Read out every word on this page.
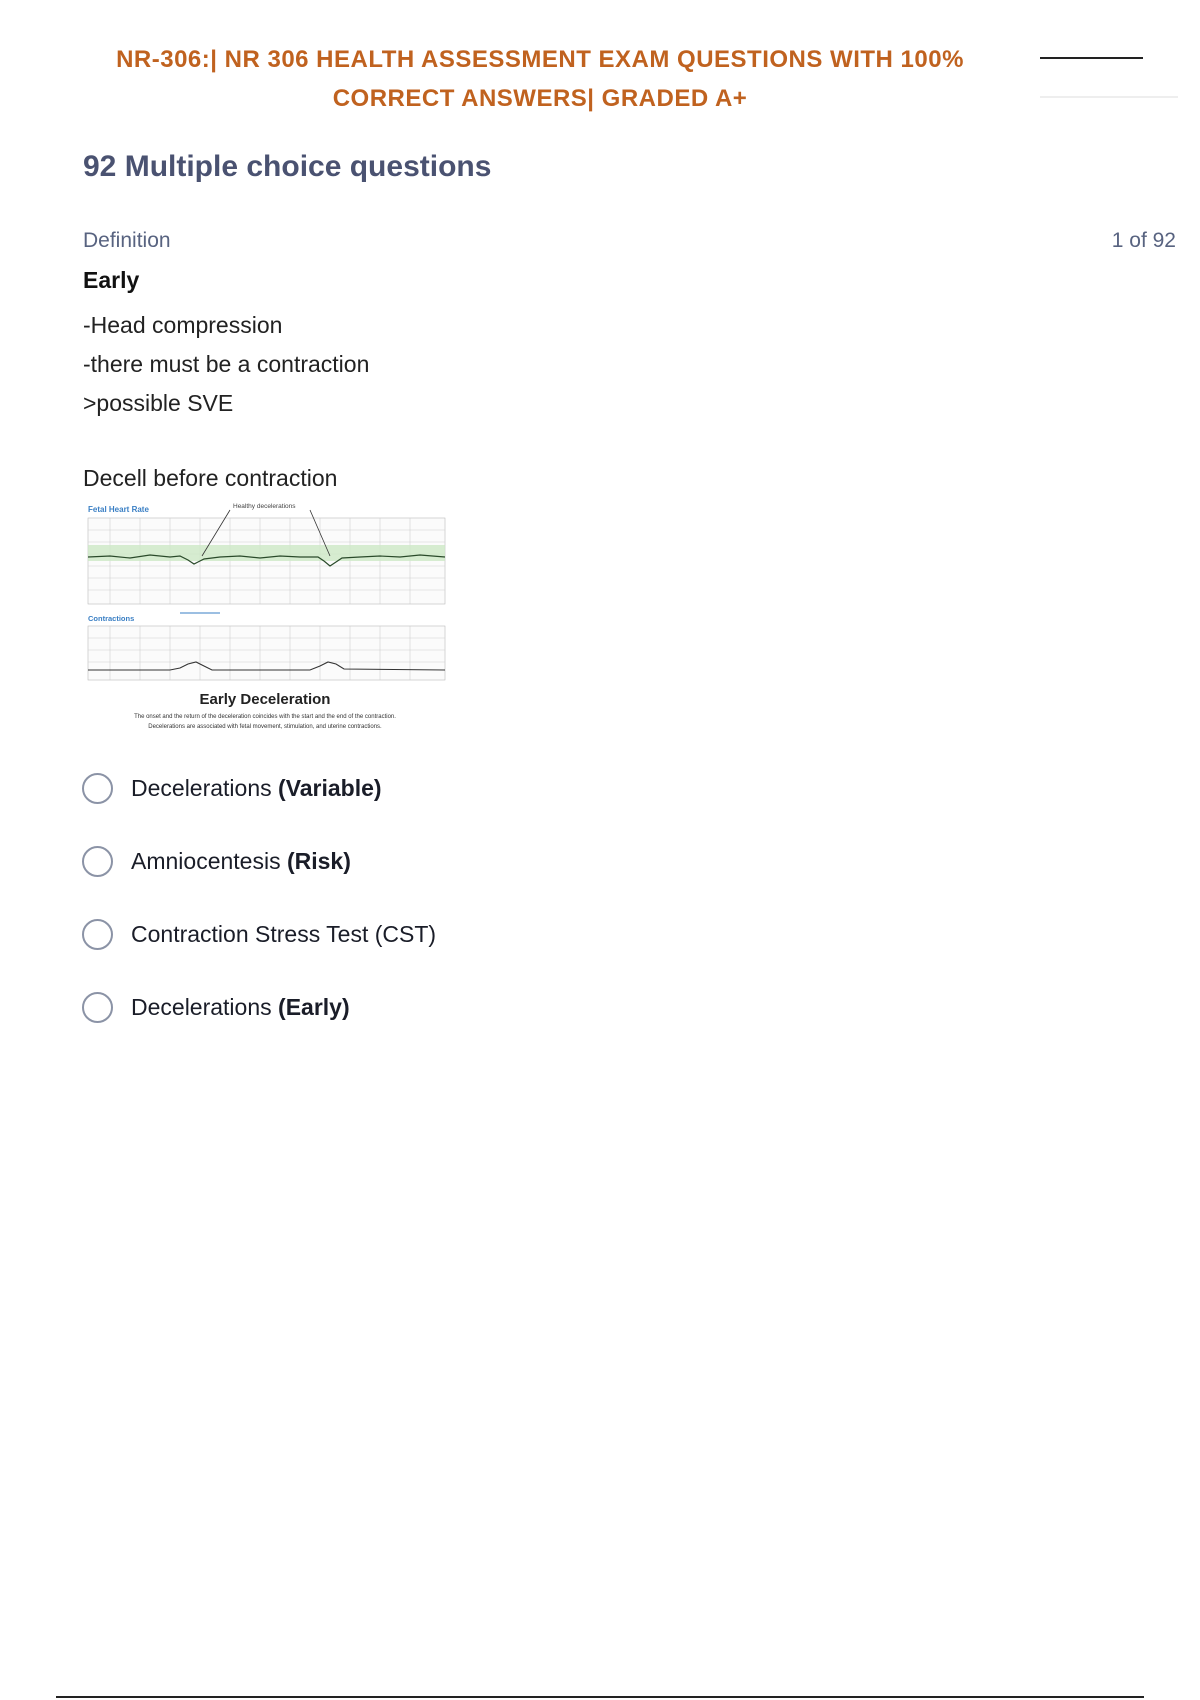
NR-306:| NR 306 HEALTH ASSESSMENT EXAM QUESTIONS WITH 100%
CORRECT ANSWERS| GRADED A+
92 Multiple choice questions
Definition	1 of 92
Early
-Head compression
-there must be a contraction
>possible SVE
Decell before contraction
Fetal Heart Rate	Healthy decelerations
Contractions
Early Deceleration
The onset and the return of the deceleration coincides with the start and the end of the contraction.
Decelerations are associated with fetal movement, stimulation, and uterine contractions.
Decelerations (Variable)
Amniocentesis (Risk)
Contraction Stress Test (CST)
Decelerations (Early)
